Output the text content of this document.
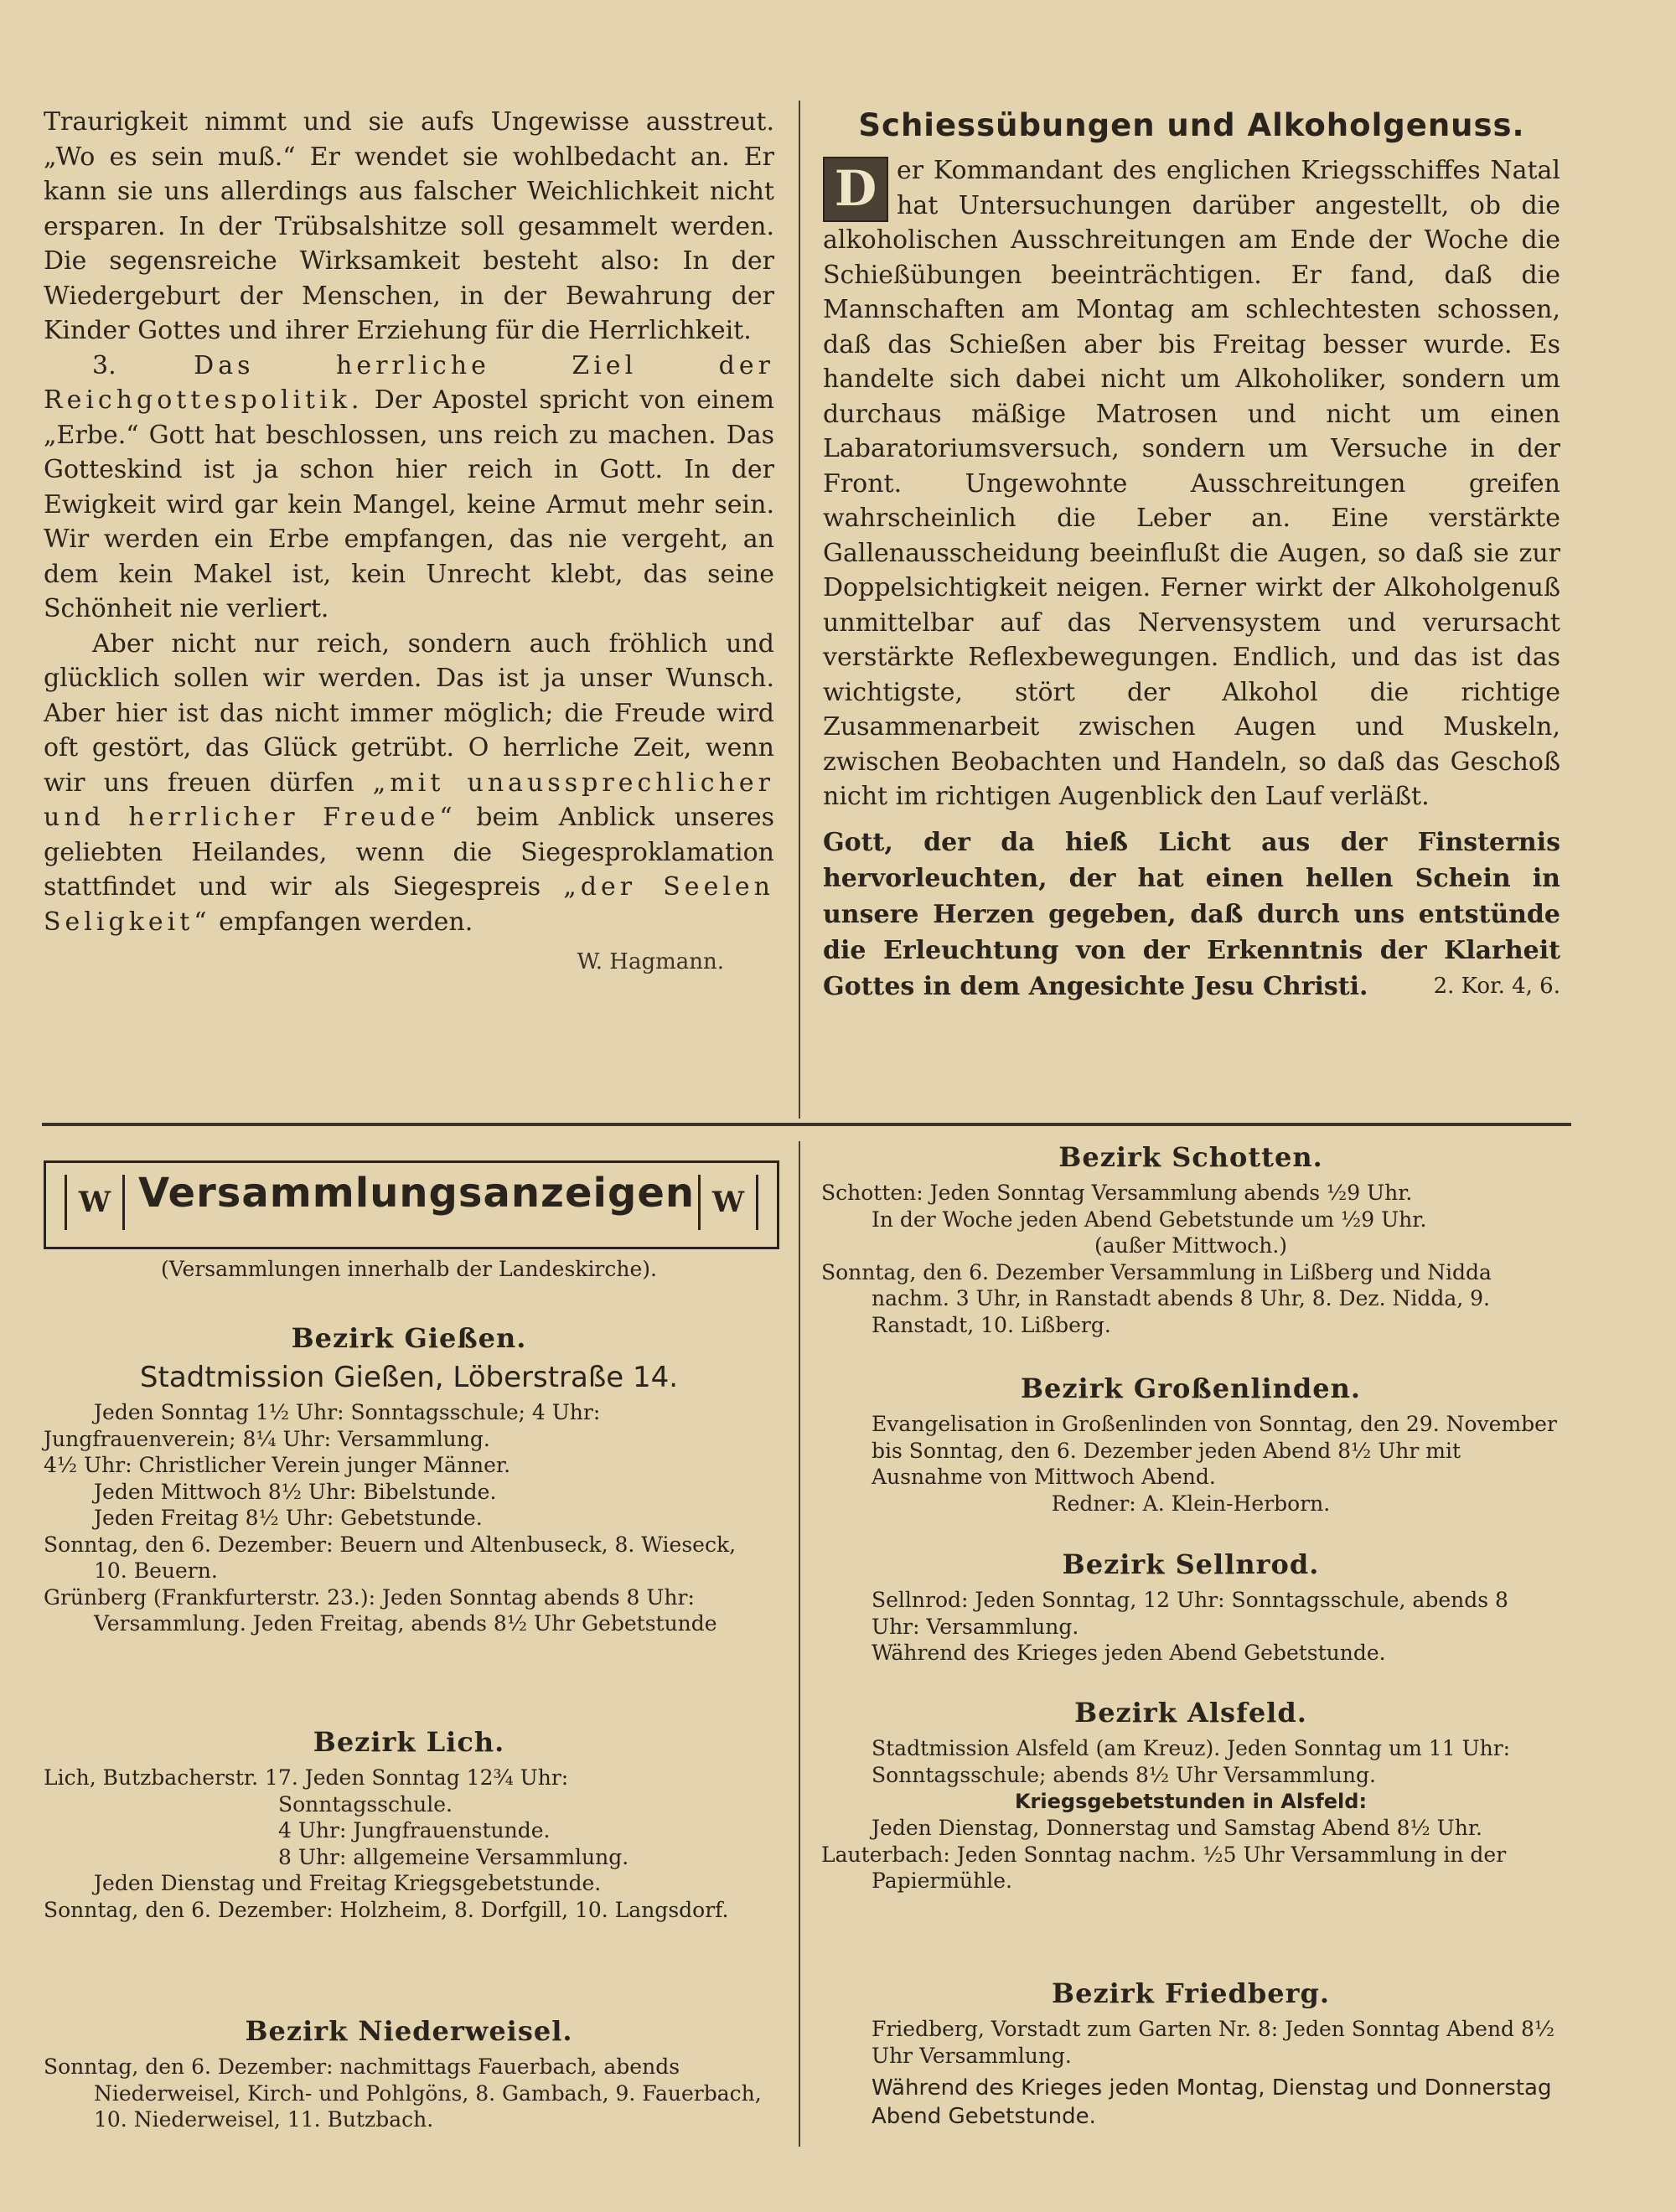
Traurigkeit nimmt und sie aufs Ungewisse ausstreut. „Wo es sein muß.“ Er wendet sie wohlbedacht an. Er kann sie uns allerdings aus falscher Weichlichkeit nicht ersparen. In der Trübsalshitze soll gesammelt werden. Die segensreiche Wirksamkeit besteht also: In der Wiedergeburt der Menschen, in der Bewahrung der Kinder Gottes und ihrer Erziehung für die Herrlichkeit.

3.	Das herrliche Ziel der Reichgottespolitik. Der Apostel spricht von einem „Erbe.“ Gott hat beschlossen, uns reich zu machen. Das Gotteskind ist ja schon hier reich in Gott. In der Ewigkeit wird gar kein Mangel, keine Armut mehr sein. Wir werden ein Erbe empfangen, das nie vergeht, an dem kein Makel ist, kein Unrecht klebt, das seine Schönheit nie verliert.

Aber nicht nur reich, sondern auch fröhlich und glücklich sollen wir werden. Das ist ja unser Wunsch. Aber hier ist das nicht immer möglich; die Freude wird oft gestört, das Glück getrübt. O herrliche Zeit, wenn wir uns freuen dürfen „mit unaussprechlicher und herrlicher Freude“ beim Anblick unseres geliebten Heilandes, wenn die Siegesproklamation stattfindet und wir als Siegespreis „der Seelen Seligkeit“ empfangen werden.

W. Hagmann.

Schiessübungen und Alkoholgenuss.
D er Kommandant des englichen Kriegsschiffes Natal hat Untersuchungen darüber angestellt, ob die alkoholischen Ausschreitungen am Ende der Woche die Schießübungen beeinträchtigen. Er fand, daß die Mannschaften am Montag am schlechtesten schossen, daß das Schießen aber bis Freitag besser wurde. Es handelte sich dabei nicht um Alkoholiker, sondern um durchaus mäßige Matrosen und nicht um einen Labaratoriumsversuch, sondern um Versuche in der Front. Ungewohnte Ausschreitungen greifen wahrscheinlich die Leber an. Eine verstärkte Gallenausscheidung beeinflußt die Augen, so daß sie zur Doppelsichtigkeit neigen. Ferner wirkt der Alkoholgenuß unmittelbar auf das Nervensystem und verursacht verstärkte Reflexbewegungen. Endlich, und das ist das wichtigste, stört der Alkohol die richtige Zusammenarbeit zwischen Augen und Muskeln, zwischen Beobachten und Handeln, so daß das Geschoß nicht im richtigen Augenblick den Lauf verläßt.

Gott, der da hieß Licht aus der Finsternis hervorleuchten, der hat einen hellen Schein in unsere Herzen gegeben, daß durch uns entstünde die Erleuchtung von der Erkenntnis der Klarheit Gottes in dem Angesichte Jesu Christi.	2. Kor. 4, 6.

W Versammlungsanzeigen W
(Versammlungen innerhalb der Landeskirche).
Bezirk Gießen.

Stadtmission Gießen, Löberstraße 14.

Jeden Sonntag 1½ Uhr: Sonntagsschule; 4 Uhr:

Jungfrauenverein; 8¼ Uhr: Versammlung.

4½ Uhr: Christlicher Verein junger Männer.

Jeden Mittwoch 8½ Uhr: Bibelstunde.

Jeden Freitag 8½ Uhr: Gebetstunde.

Sonntag, den 6. Dezember: Beuern und Altenbuseck, 8. Wieseck, 10. Beuern.

Grünberg (Frankfurterstr. 23.): Jeden Sonntag abends 8 Uhr: Versammlung. Jeden Freitag, abends 8½ Uhr Gebetstunde

Bezirk Lich.

Lich, Butzbacherstr. 17. Jeden Sonntag 12¾ Uhr:

Sonntagsschule.

4 Uhr: Jungfrauenstunde.

8 Uhr: allgemeine Versammlung.

Jeden Dienstag und Freitag Kriegsgebetstunde.

Sonntag, den 6. Dezember: Holzheim, 8. Dorfgill, 10. Langsdorf.

Bezirk Niederweisel.

Sonntag, den 6. Dezember: nachmittags Fauerbach, abends Niederweisel, Kirch- und Pohlgöns, 8. Gambach, 9. Fauerbach, 10. Niederweisel, 11. Butzbach.

Bezirk Schotten.

Schotten: Jeden Sonntag Versammlung abends ½9 Uhr.

In der Woche jeden Abend Gebetstunde um ½9 Uhr.

(außer Mittwoch.)

Sonntag, den 6. Dezember Versammlung in Lißberg und Nidda nachm. 3 Uhr, in Ranstadt abends 8 Uhr, 8. Dez. Nidda, 9. Ranstadt, 10. Lißberg.

Bezirk Großenlinden.

Evangelisation in Großenlinden von Sonntag, den 29. November bis Sonntag, den 6. Dezember jeden Abend 8½ Uhr mit Ausnahme von Mittwoch Abend.

Redner: A. Klein-Herborn.

Bezirk Sellnrod.

Sellnrod: Jeden Sonntag, 12 Uhr: Sonntagsschule, abends 8 Uhr: Versammlung.

Während des Krieges jeden Abend Gebetstunde.

Bezirk Alsfeld.

Stadtmission Alsfeld (am Kreuz). Jeden Sonntag um 11 Uhr: Sonntagsschule; abends 8½ Uhr Versammlung.

Kriegsgebetstunden in Alsfeld:

Jeden Dienstag, Donnerstag und Samstag Abend 8½ Uhr.

Lauterbach: Jeden Sonntag nachm. ½5 Uhr Versammlung in der Papiermühle.

Bezirk Friedberg.

Friedberg, Vorstadt zum Garten Nr. 8: Jeden Sonntag Abend 8½ Uhr Versammlung.

Während des Krieges jeden Montag, Dienstag und Donnerstag Abend Gebetstunde.
